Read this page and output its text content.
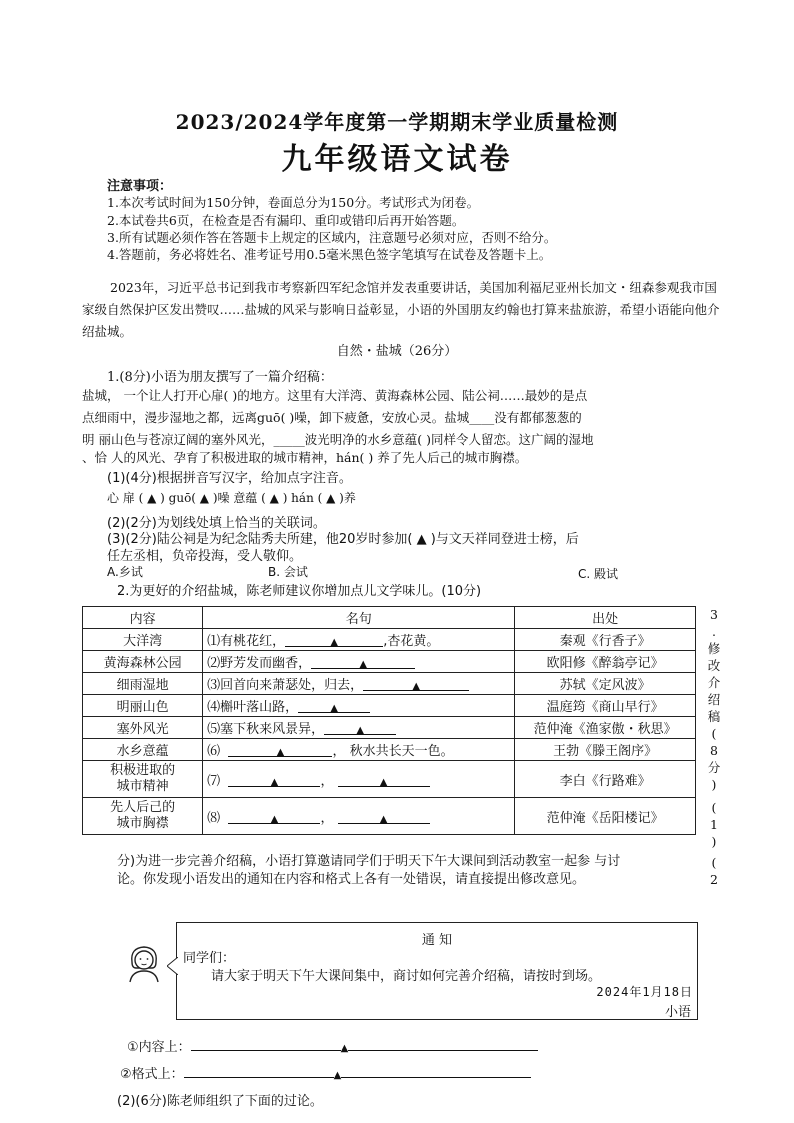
2023/2024学年度第一学期期末学业质量检测
九年级语文试卷
注意事项：
1.本次考试时间为150分钟，卷面总分为150分。考试形式为闭卷。
2.本试卷共6页，在检查是否有漏印、重印或错印后再开始答题。
3.所有试题必须作答在答题卡上规定的区域内，注意题号必须对应，否则不给分。
4.答题前，务必将姓名、准考证号用0.5毫米黑色签字笔填写在试卷及答题卡上。
2023年，习近平总书记到我市考察新四军纪念馆并发表重要讲话，美国加利福尼亚州长加文・纽森参观我市国家级自然保护区发出赞叹……盐城的风采与影响日益彰显，小语的外国朋友约翰也打算来盐旅游，希望小语能向他介绍盐城。
自然・盐城（26分）
1.(8分)小语为朋友撰写了一篇介绍稿：
盐城， 一个让人打开心扉( )的地方。这里有大洋湾、黄海森林公园、陆公祠……最妙的是点
点细雨中，漫步湿地之都，远离guō( )噪，卸下疲惫，安放心灵。盐城____没有都郁葱葱的
明 丽山色与苍凉辽阔的塞外风光，_____波光明净的水乡意蕴( )同样令人留恋。这广阔的湿地
、恰 人的风光、孕育了积极进取的城市精神，hán( ) 养了先人后己的城市胸襟。
(1)(4分)根据拼音写汉字，给加点字注音。
心 扉 ( ▲ ) guō( ▲ )噪 意蕴 ( ▲ ) hán ( ▲ )养
(2)(2分)为划线处填上恰当的关联词。
(3)(2分)陆公祠是为纪念陆秀夫所建，他20岁时参加( ▲ )与文天祥同登进士榜，后
任左丞相，负帝投海，受人敬仰。
A.乡试	B. 会试	C. 殿试
2.为更好的介绍盐城，陈老师建议你增加点儿文学味儿。(10分)
内容	名句	出处
大洋湾	⑴有桃花红， ▲ ,杏花黄。	秦观《行香子》
黄海森林公园	⑵野芳发而幽香， ▲	欧阳修《醉翁亭记》
细雨湿地	⑶回首向来萧瑟处，归去， ▲	苏轼《定风波》
明丽山色	⑷槲叶落山路， ▲	温庭筠《商山早行》
塞外风光	⑸塞下秋来风景异， ▲	范仲淹《渔家傲・秋思》
水乡意蕴	⑹ ▲ ， 秋水共长天一色。	王勃《滕王阁序》
积极进取的
城市精神	⑺ ▲ ， ▲	李白《行路难》
先人后己的
城市胸襟	⑻ ▲ ， ▲	范仲淹《岳阳楼记》
3
.
修
改
介
绍
稿
(
8
分
)
(
1
)
(
2
分)为进一步完善介绍稿，小语打算邀请同学们于明天下午大课间到活动教室一起参 与讨
论。你发现小语发出的通知在内容和格式上各有一处错误，请直接提出修改意见。
通 知
同学们：
请大家于明天下午大课间集中，商讨如何完善介绍稿，请按时到场。
2024年1月18日
小语
①内容上：	▲
②格式上：	▲
(2)(6分)陈老师组织了下面的过论。
